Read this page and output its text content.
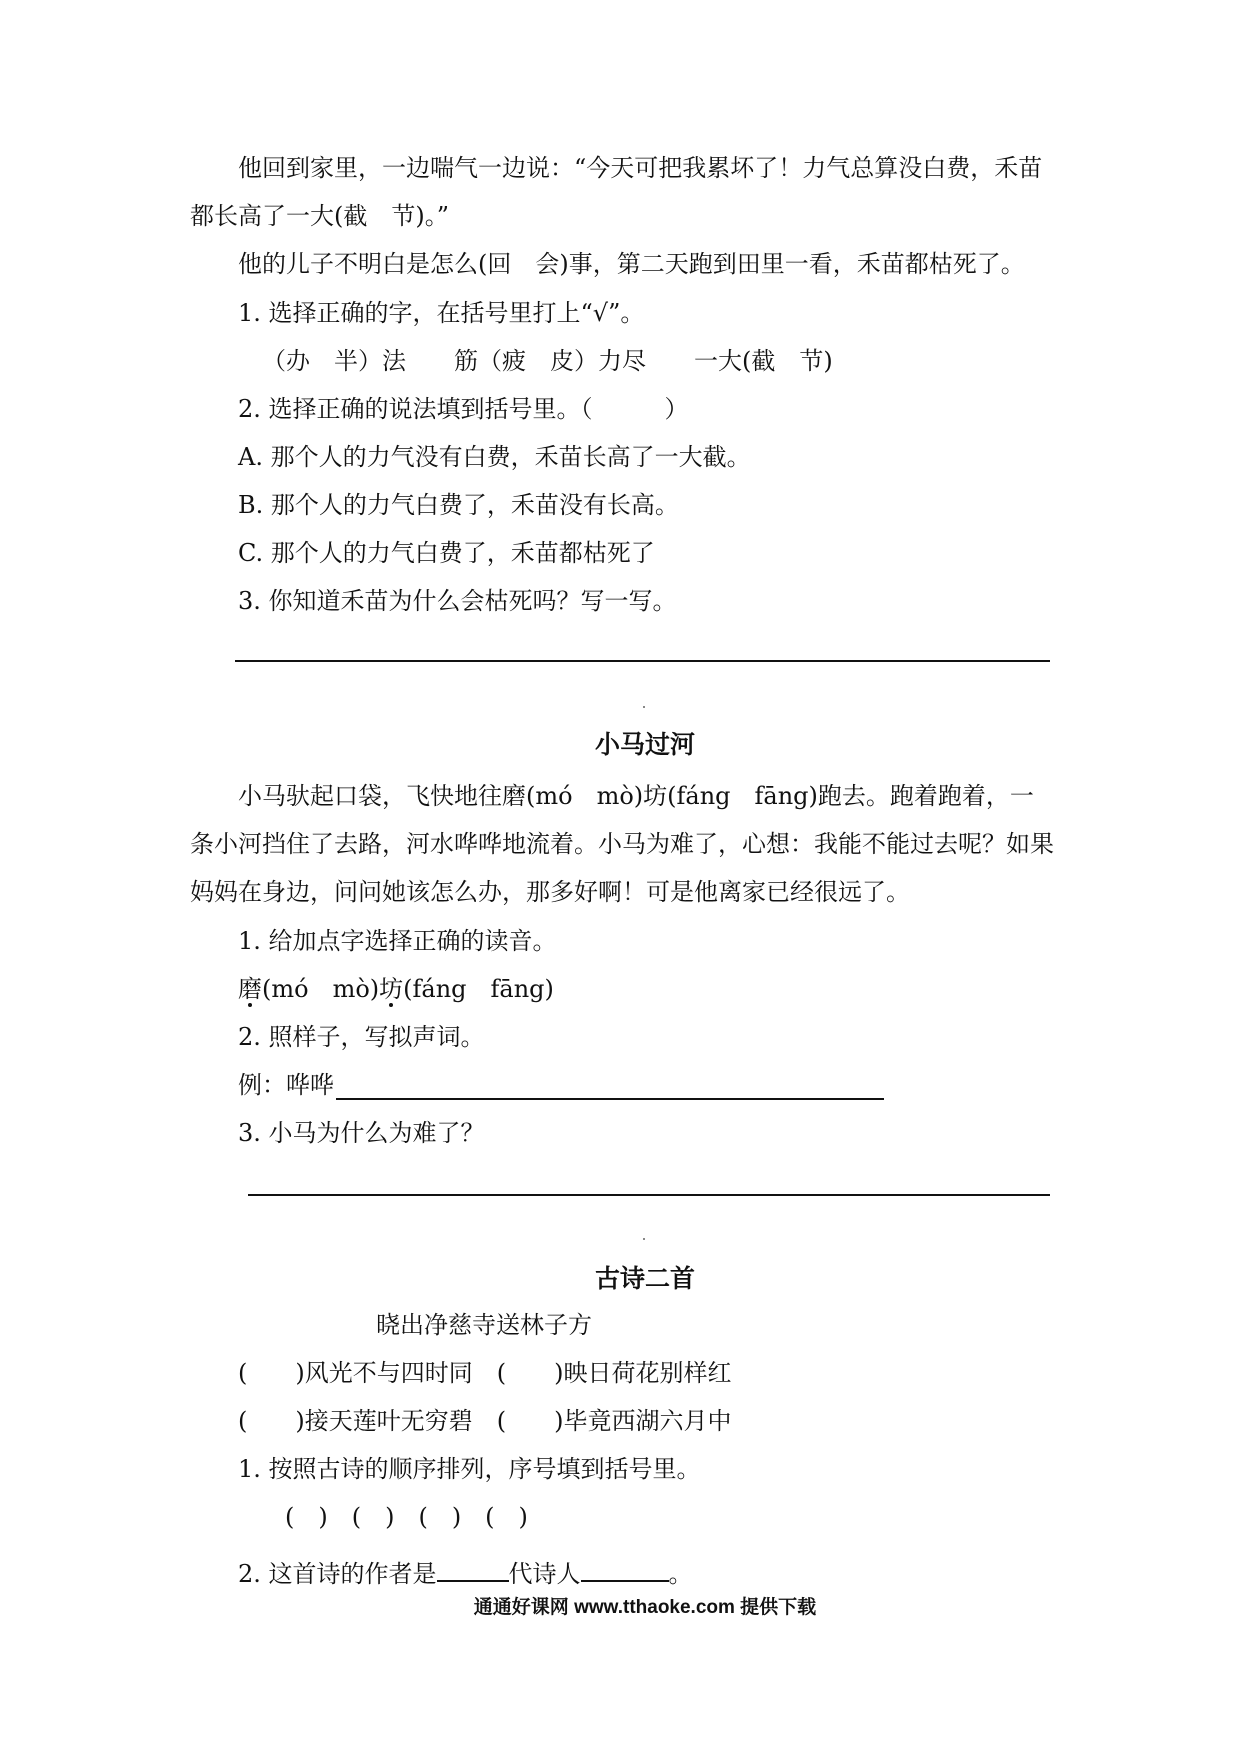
他回到家里，一边喘气一边说：“今天可把我累坏了！力气总算没白费，禾苗都长高了一大(截　节)。”
他的儿子不明白是怎么(回　会)事，第二天跑到田里一看，禾苗都枯死了。
1. 选择正确的字，在括号里打上“√”。
（办　半）法　　筋（疲　皮）力尽　　一大(截　节)
2. 选择正确的说法填到括号里。（　　　）
A. 那个人的力气没有白费，禾苗长高了一大截。
B. 那个人的力气白费了，禾苗没有长高。
C. 那个人的力气白费了，禾苗都枯死了
3. 你知道禾苗为什么会枯死吗？写一写。
小马过河
小马驮起口袋，飞快地往磨(mó　mò)坊(fáng　fāng)跑去。跑着跑着，一条小河挡住了去路，河水哗哗地流着。小马为难了，心想：我能不能过去呢？如果妈妈在身边，问问她该怎么办，那多好啊！可是他离家已经很远了。
1. 给加点字选择正确的读音。
磨(mó　mò)坊(fáng　fāng)
2. 照样子，写拟声词。
例：哗哗
3. 小马为什么为难了？
古诗二首
晓出净慈寺送林子方
(　　)风光不与四时同　(　　)映日荷花别样红
(　　)接天莲叶无穷碧　(　　)毕竟西湖六月中
1. 按照古诗的顺序排列，序号填到括号里。
(　)　(　)　(　)　(　)
2. 这首诗的作者是	代诗人	。
通通好课网 www.tthaoke.com 提供下载
